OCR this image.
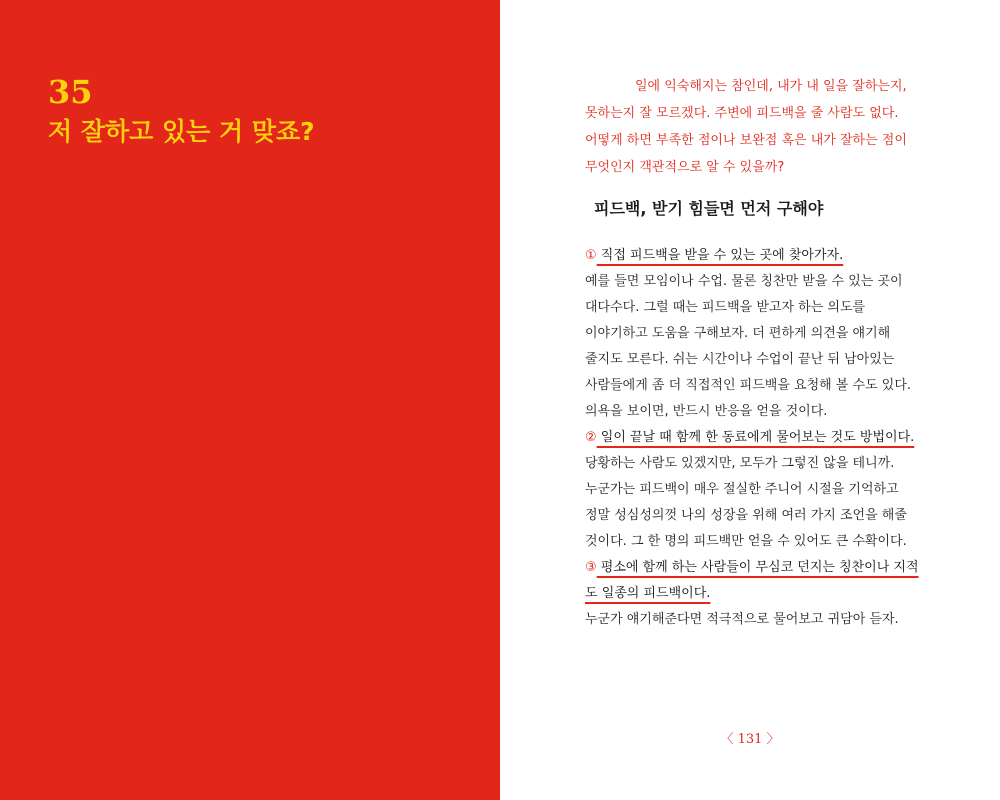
35
저 잘하고 있는 거 맞죠?
일에 익숙해지는 참인데, 내가 내 일을 잘하는지,
못하는지 잘 모르겠다. 주변에 피드백을 줄 사람도 없다.
어떻게 하면 부족한 점이나 보완점 혹은 내가 잘하는 점이
무엇인지 객관적으로 알 수 있을까?
피드백, 받기 힘들면 먼저 구해야
① 직접 피드백을 받을 수 있는 곳에 찾아가자.
예를 들면 모임이나 수업. 물론 칭찬만 받을 수 있는 곳이
대다수다. 그럴 때는 피드백을 받고자 하는 의도를
이야기하고 도움을 구해보자. 더 편하게 의견을 얘기해
줄지도 모른다. 쉬는 시간이나 수업이 끝난 뒤 남아있는
사람들에게 좀 더 직접적인 피드백을 요청해 볼 수도 있다.
의욕을 보이면, 반드시 반응을 얻을 것이다.
② 일이 끝날 때 함께 한 동료에게 물어보는 것도 방법이다.
당황하는 사람도 있겠지만, 모두가 그렇진 않을 테니까.
누군가는 피드백이 매우 절실한 주니어 시절을 기억하고
정말 성심성의껏 나의 성장을 위해 여러 가지 조언을 해줄
것이다. 그 한 명의 피드백만 얻을 수 있어도 큰 수확이다.
③ 평소에 함께 하는 사람들이 무심코 던지는 칭찬이나 지적
도 일종의 피드백이다.
누군가 얘기해준다면 적극적으로 물어보고 귀담아 듣자.
〈 131 〉
